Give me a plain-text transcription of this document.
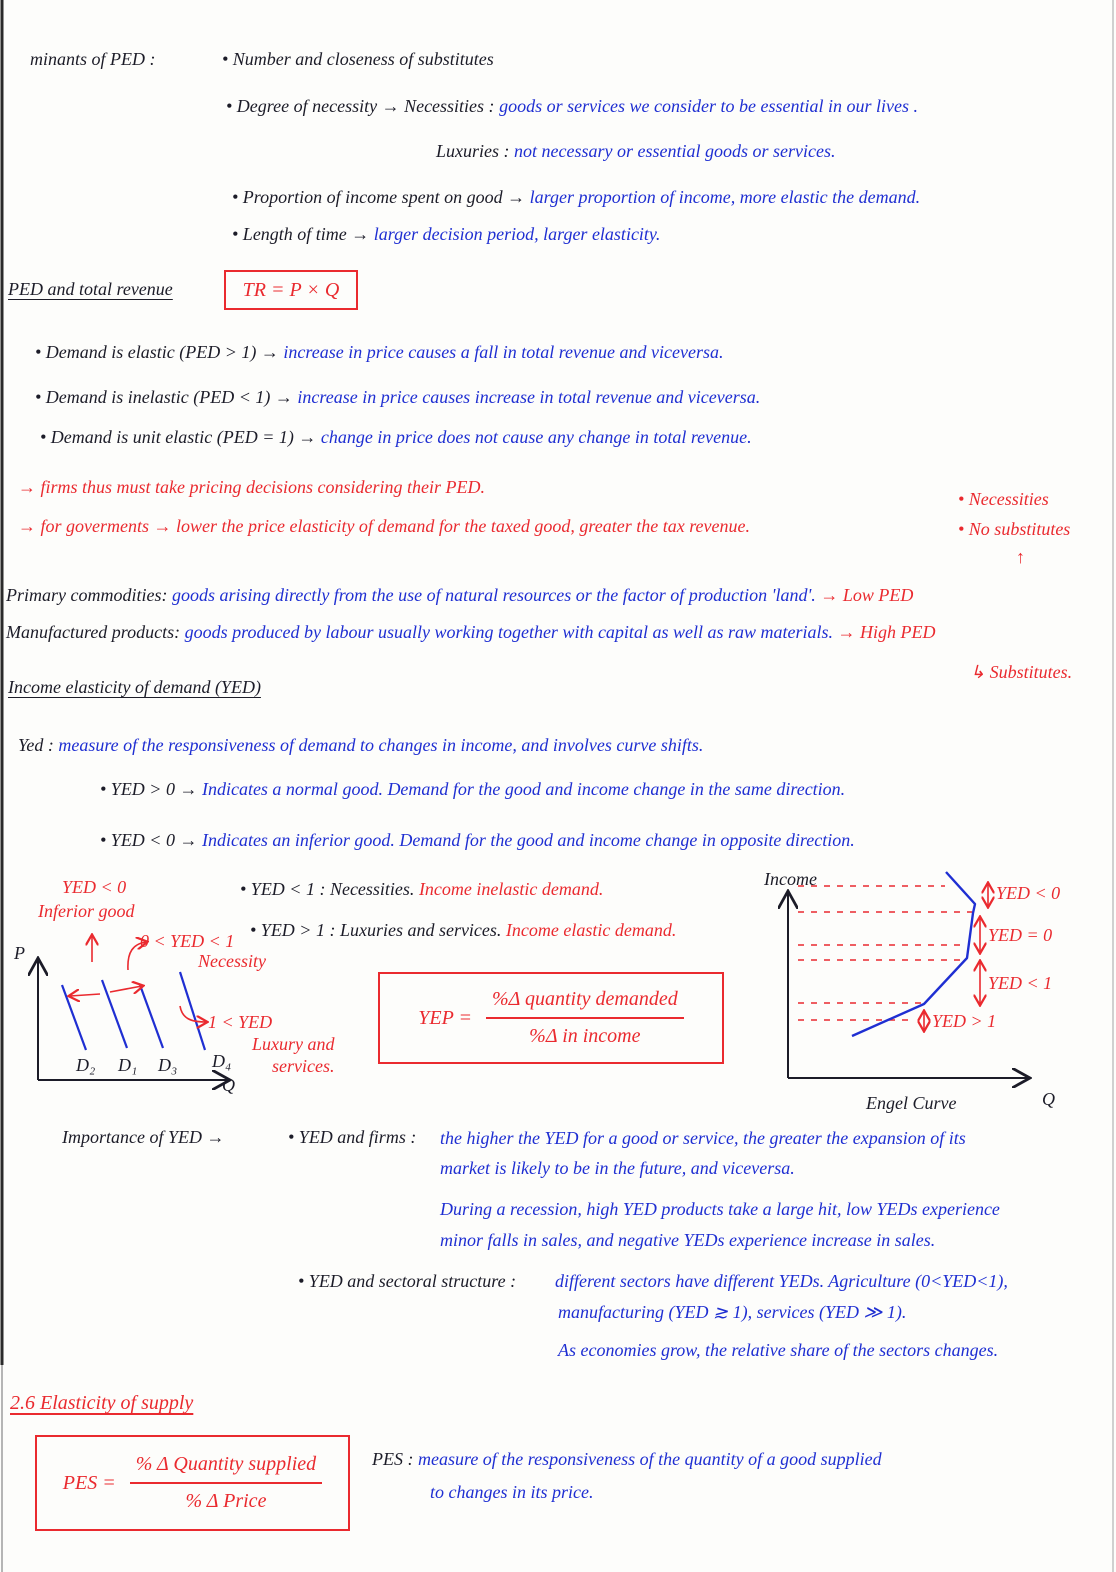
minants of PED :	• Number and closeness of substitutes
• Degree of necessity → Necessities : goods or services we consider to be essential in our lives .
Luxuries : not necessary or essential goods or services.
• Proportion of income spent on good → larger proportion of income, more elastic the demand.
• Length of time → larger decision period, larger elasticity.
PED and total revenue	TR = P × Q
• Demand is elastic (PED > 1) → increase in price causes a fall in total revenue and viceversa.
• Demand is inelastic (PED < 1) → increase in price causes increase in total revenue and viceversa.
• Demand is unit elastic (PED = 1) → change in price does not cause any change in total revenue.
→ firms thus must take pricing decisions considering their PED.
→ for goverments → lower the price elasticity of demand for the taxed good, greater the tax revenue.
• Necessities
• No substitutes
↑
Primary commodities: goods arising directly from the use of natural resources or the factor of production 'land'. → Low PED
Manufactured products: goods produced by labour usually working together with capital as well as raw materials. → High PED
↳ Substitutes.
Income elasticity of demand (YED)
Yed : measure of the responsiveness of demand to changes in income, and involves curve shifts.
• YED > 0 → Indicates a normal good. Demand for the good and income change in the same direction.
• YED < 0 → Indicates an inferior good. Demand for the good and income change in opposite direction.
• YED < 1 : Necessities. Income inelastic demand.
• YED > 1 : Luxuries and services. Income elastic demand.
YEP = $\frac{\text{\%Δ quantity demanded}}{\text{\%Δ in income}}$
YED < 0
Inferior good
0 < YED < 1
Necessity
1 < YED
Luxury and
services.
P
Q
D₂ D₁ D₃ D₄
Income
Q
Engel Curve
YED < 0
YED = 0
YED < 1
YED > 1
Importance of YED →	• YED and firms : the higher the YED for a good or service, the greater the expansion of its
market is likely to be in the future, and viceversa.
During a recession, high YED products take a large hit, low YEDs experience
minor falls in sales, and negative YEDs experience increase in sales.
• YED and sectoral structure : different sectors have different YEDs. Agriculture (0<YED<1),
manufacturing (YED ≳ 1), services (YED ≫ 1).
As economies grow, the relative share of the sectors changes.
2.6 Elasticity of supply
PES = $\frac{\text{\% Δ Quantity supplied}}{\text{\% Δ Price}}$	PES : measure of the responsiveness of the quantity of a good supplied
to changes in its price.
